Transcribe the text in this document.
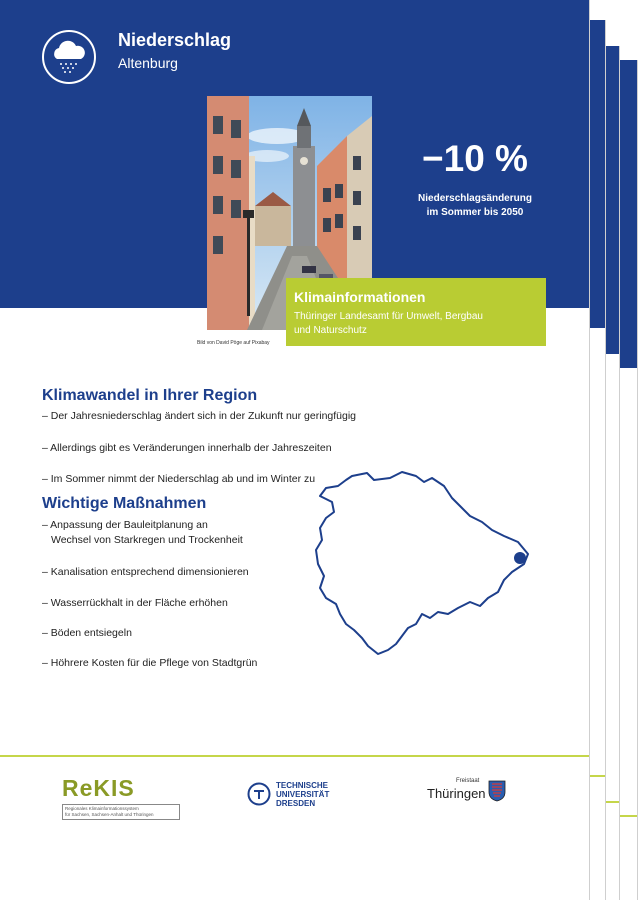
Niederschlag
Altenburg
−10 %
Niederschlagsänderung
im Sommer bis 2050
Bild von David Pöge auf Pixabay
Klimainformationen
Thüringer Landesamt für Umwelt, Bergbau
und Naturschutz
Klimawandel in Ihrer Region
– Der Jahresniederschlag ändert sich in der Zukunft nur geringfügig
– Allerdings gibt es Veränderungen innerhalb der Jahreszeiten
– Im Sommer nimmt der Niederschlag ab und im Winter zu
Wichtige Maßnahmen
– Anpassung der Bauleitplanung an
Wechsel von Starkregen und Trockenheit
– Kanalisation entsprechend dimensionieren
– Wasserrückhalt in der Fläche erhöhen
– Böden entsiegeln
– Höhrere Kosten für die Pflege von Stadtgrün
ReKIS
Regionales Klimainformationssystem
für Sachsen, Sachsen-Anhalt und Thüringen
TECHNISCHE
UNIVERSITÄT
DRESDEN
Freistaat
Thüringen
